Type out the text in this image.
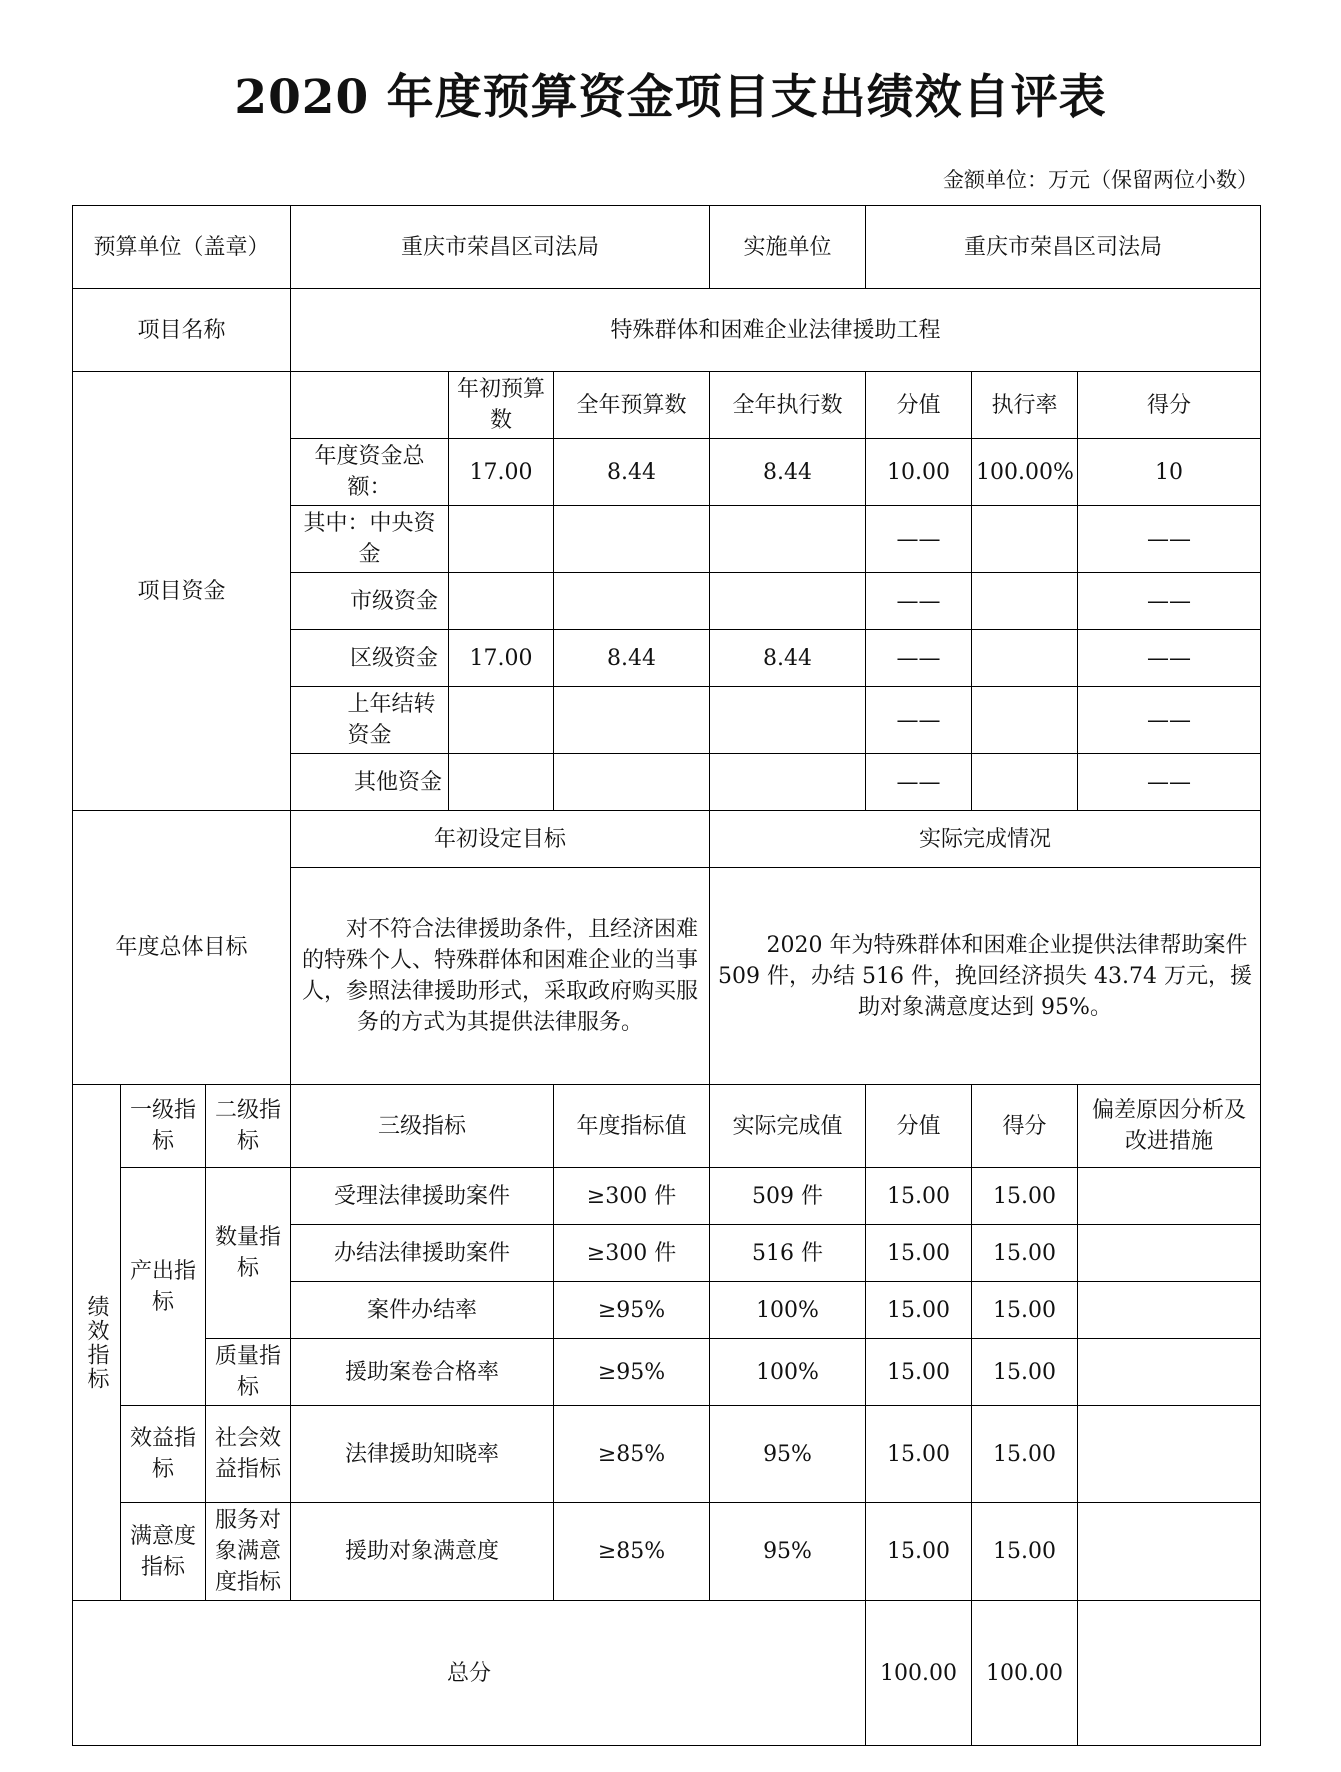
2020 年度预算资金项目支出绩效自评表
金额单位：万元（保留两位小数）
预算单位（盖章）			重庆市荣昌区司法局			实施单位	重庆市荣昌区司法局		
项目名称			特殊群体和困难企业法律援助工程						
项目资金				年初预算数	全年预算数	全年执行数	分值	执行率	得分
			年度资金总额：	17.00	8.44	8.44	10.00	100.00%	10
			其中：中央资金				——		——
			市级资金				——		——
			区级资金	17.00	8.44	8.44	——		——
			上年结转资金				——		——
			其他资金				——		——
年度总体目标			年初设定目标			实际完成情况			
			对不符合法律援助条件，且经济困难的特殊个人、特殊群体和困难企业的当事人，参照法律援助形式，采取政府购买服务的方式为其提供法律服务。			2020 年为特殊群体和困难企业提供法律帮助案件 509 件，办结 516 件，挽回经济损失 43.74 万元，援助对象满意度达到 95%。			
绩效指标	一级指标	二级指标	三级指标		年度指标值	实际完成值	分值	得分	偏差原因分析及改进措施
	产出指标	数量指标	受理法律援助案件		≥300 件	509 件	15.00	15.00	
			办结法律援助案件		≥300 件	516 件	15.00	15.00	
			案件办结率		≥95%	100%	15.00	15.00	
		质量指标	援助案卷合格率		≥95%	100%	15.00	15.00	
	效益指标	社会效益指标	法律援助知晓率		≥85%	95%	15.00	15.00	
	满意度指标	服务对象满意度指标	援助对象满意度		≥85%	95%	15.00	15.00	
总分							100.00	100.00	
